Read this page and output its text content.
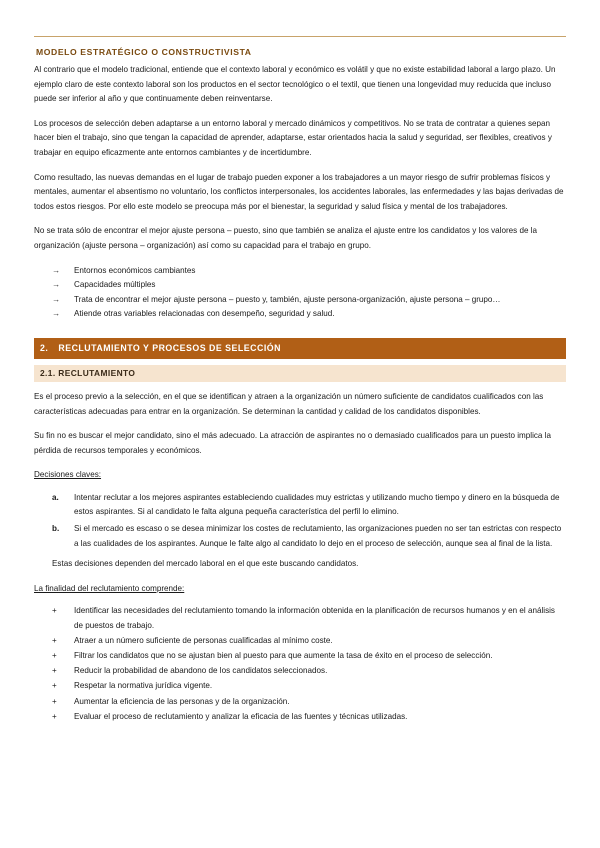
MODELO ESTRATÉGICO O CONSTRUCTIVISTA

Al contrario que el modelo tradicional, entiende que el contexto laboral y económico es volátil y que no existe estabilidad laboral a largo plazo. Un ejemplo claro de este contexto laboral son los productos en el sector tecnológico o el textil, que tienen una longevidad muy reducida que incluso puede ser inferior al año y que continuamente deben reinventarse.

Los procesos de selección deben adaptarse a un entorno laboral y mercado dinámicos y competitivos. No se trata de contratar a quienes sepan hacer bien el trabajo, sino que tengan la capacidad de aprender, adaptarse, estar orientados hacia la salud y seguridad, ser flexibles, creativos y trabajar en equipo eficazmente ante entornos cambiantes y de incertidumbre.

Como resultado, las nuevas demandas en el lugar de trabajo pueden exponer a los trabajadores a un mayor riesgo de sufrir problemas físicos y mentales, aumentar el absentismo no voluntario, los conflictos interpersonales, los accidentes laborales, las enfermedades y las bajas derivadas de todos estos riesgos. Por ello este modelo se preocupa más por el bienestar, la seguridad y salud física y mental de los trabajadores.

No se trata sólo de encontrar el mejor ajuste persona – puesto, sino que también se analiza el ajuste entre los candidatos y los valores de la organización (ajuste persona – organización) así como su capacidad para el trabajo en grupo.

→	Entornos económicos cambiantes
→	Capacidades múltiples
→	Trata de encontrar el mejor ajuste persona – puesto y, también, ajuste persona-organización, ajuste persona – grupo…
→	Atiende otras variables relacionadas con desempeño, seguridad y salud.
2. RECLUTAMIENTO Y PROCESOS DE SELECCIÓN
2.1. RECLUTAMIENTO

Es el proceso previo a la selección, en el que se identifican y atraen a la organización un número suficiente de candidatos cualificados con las características adecuadas para entrar en la organización. Se determinan la cantidad y calidad de los candidatos disponibles.

Su fin no es buscar el mejor candidato, sino el más adecuado. La atracción de aspirantes no o demasiado cualificados para un puesto implica la pérdida de recursos temporales y económicos.

Decisiones claves:
a.	Intentar reclutar a los mejores aspirantes estableciendo cualidades muy estrictas y utilizando mucho tiempo y dinero en la búsqueda de estos aspirantes. Si al candidato le falta alguna pequeña característica del perfil lo elimino.
b.	Si el mercado es escaso o se desea minimizar los costes de reclutamiento, las organizaciones pueden no ser tan estrictas con respecto a las cualidades de los aspirantes. Aunque le falte algo al candidato lo dejo en el proceso de selección, aunque sea al final de la lista.

Estas decisiones dependen del mercado laboral en el que este buscando candidatos.

La finalidad del reclutamiento comprende:
+	Identificar las necesidades del reclutamiento tomando la información obtenida en la planificación de recursos humanos y en el análisis de puestos de trabajo.
+	Atraer a un número suficiente de personas cualificadas al mínimo coste.
+	Filtrar los candidatos que no se ajustan bien al puesto para que aumente la tasa de éxito en el proceso de selección.
+	Reducir la probabilidad de abandono de los candidatos seleccionados.
+	Respetar la normativa jurídica vigente.
+	Aumentar la eficiencia de las personas y de la organización.
+	Evaluar el proceso de reclutamiento y analizar la eficacia de las fuentes y técnicas utilizadas.
